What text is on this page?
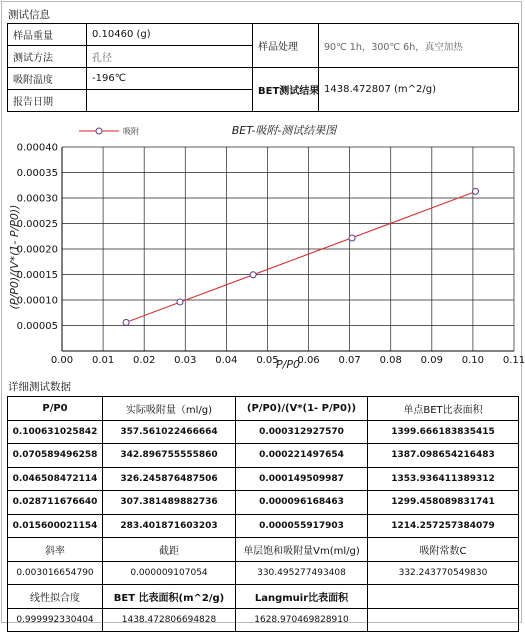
测试信息
样品重量	0.10460 (g)	样品处理	90℃ 1h，300℃ 6h，真空加热
测试方法	孔径		
吸附温度	-196℃	BET测试结果	1438.472807 (m^2/g)
报告日期			
0.00 0.01 0.02 0.03 0.04 0.05 0.06 0.07 0.08 0.09 0.10 0.11
0.00005
0.00010
0.00015
0.00020
0.00025
0.00030
0.00035
0.00040
吸附	BET-吸附-测试结果图
P/P0
(P/P0)/(V*(1- P/P0))
详细测试数据
P/P0	实际吸附量（ml/g)	(P/P0)/(V*(1- P/P0))	单点BET比表面积
0.100631025842	357.561022466664	0.000312927570	1399.666183835415
0.070589496258	342.896755555860	0.000221497654	1387.098654216483
0.046508472114	326.245876487506	0.000149509987	1353.936411389312
0.028711676640	307.381489882736	0.000096168463	1299.458089831741
0.015600021154	283.401871603203	0.000055917903	1214.257257384079
斜率	截距	单层饱和吸附量Vm(ml/g)	吸附常数C
0.003016654790	0.000009107054	330.495277493408	332.243770549830
线性拟合度	BET 比表面积(m^2/g)	Langmuir比表面积	
0.999992330404	1438.472806694828	1628.970469828910	
